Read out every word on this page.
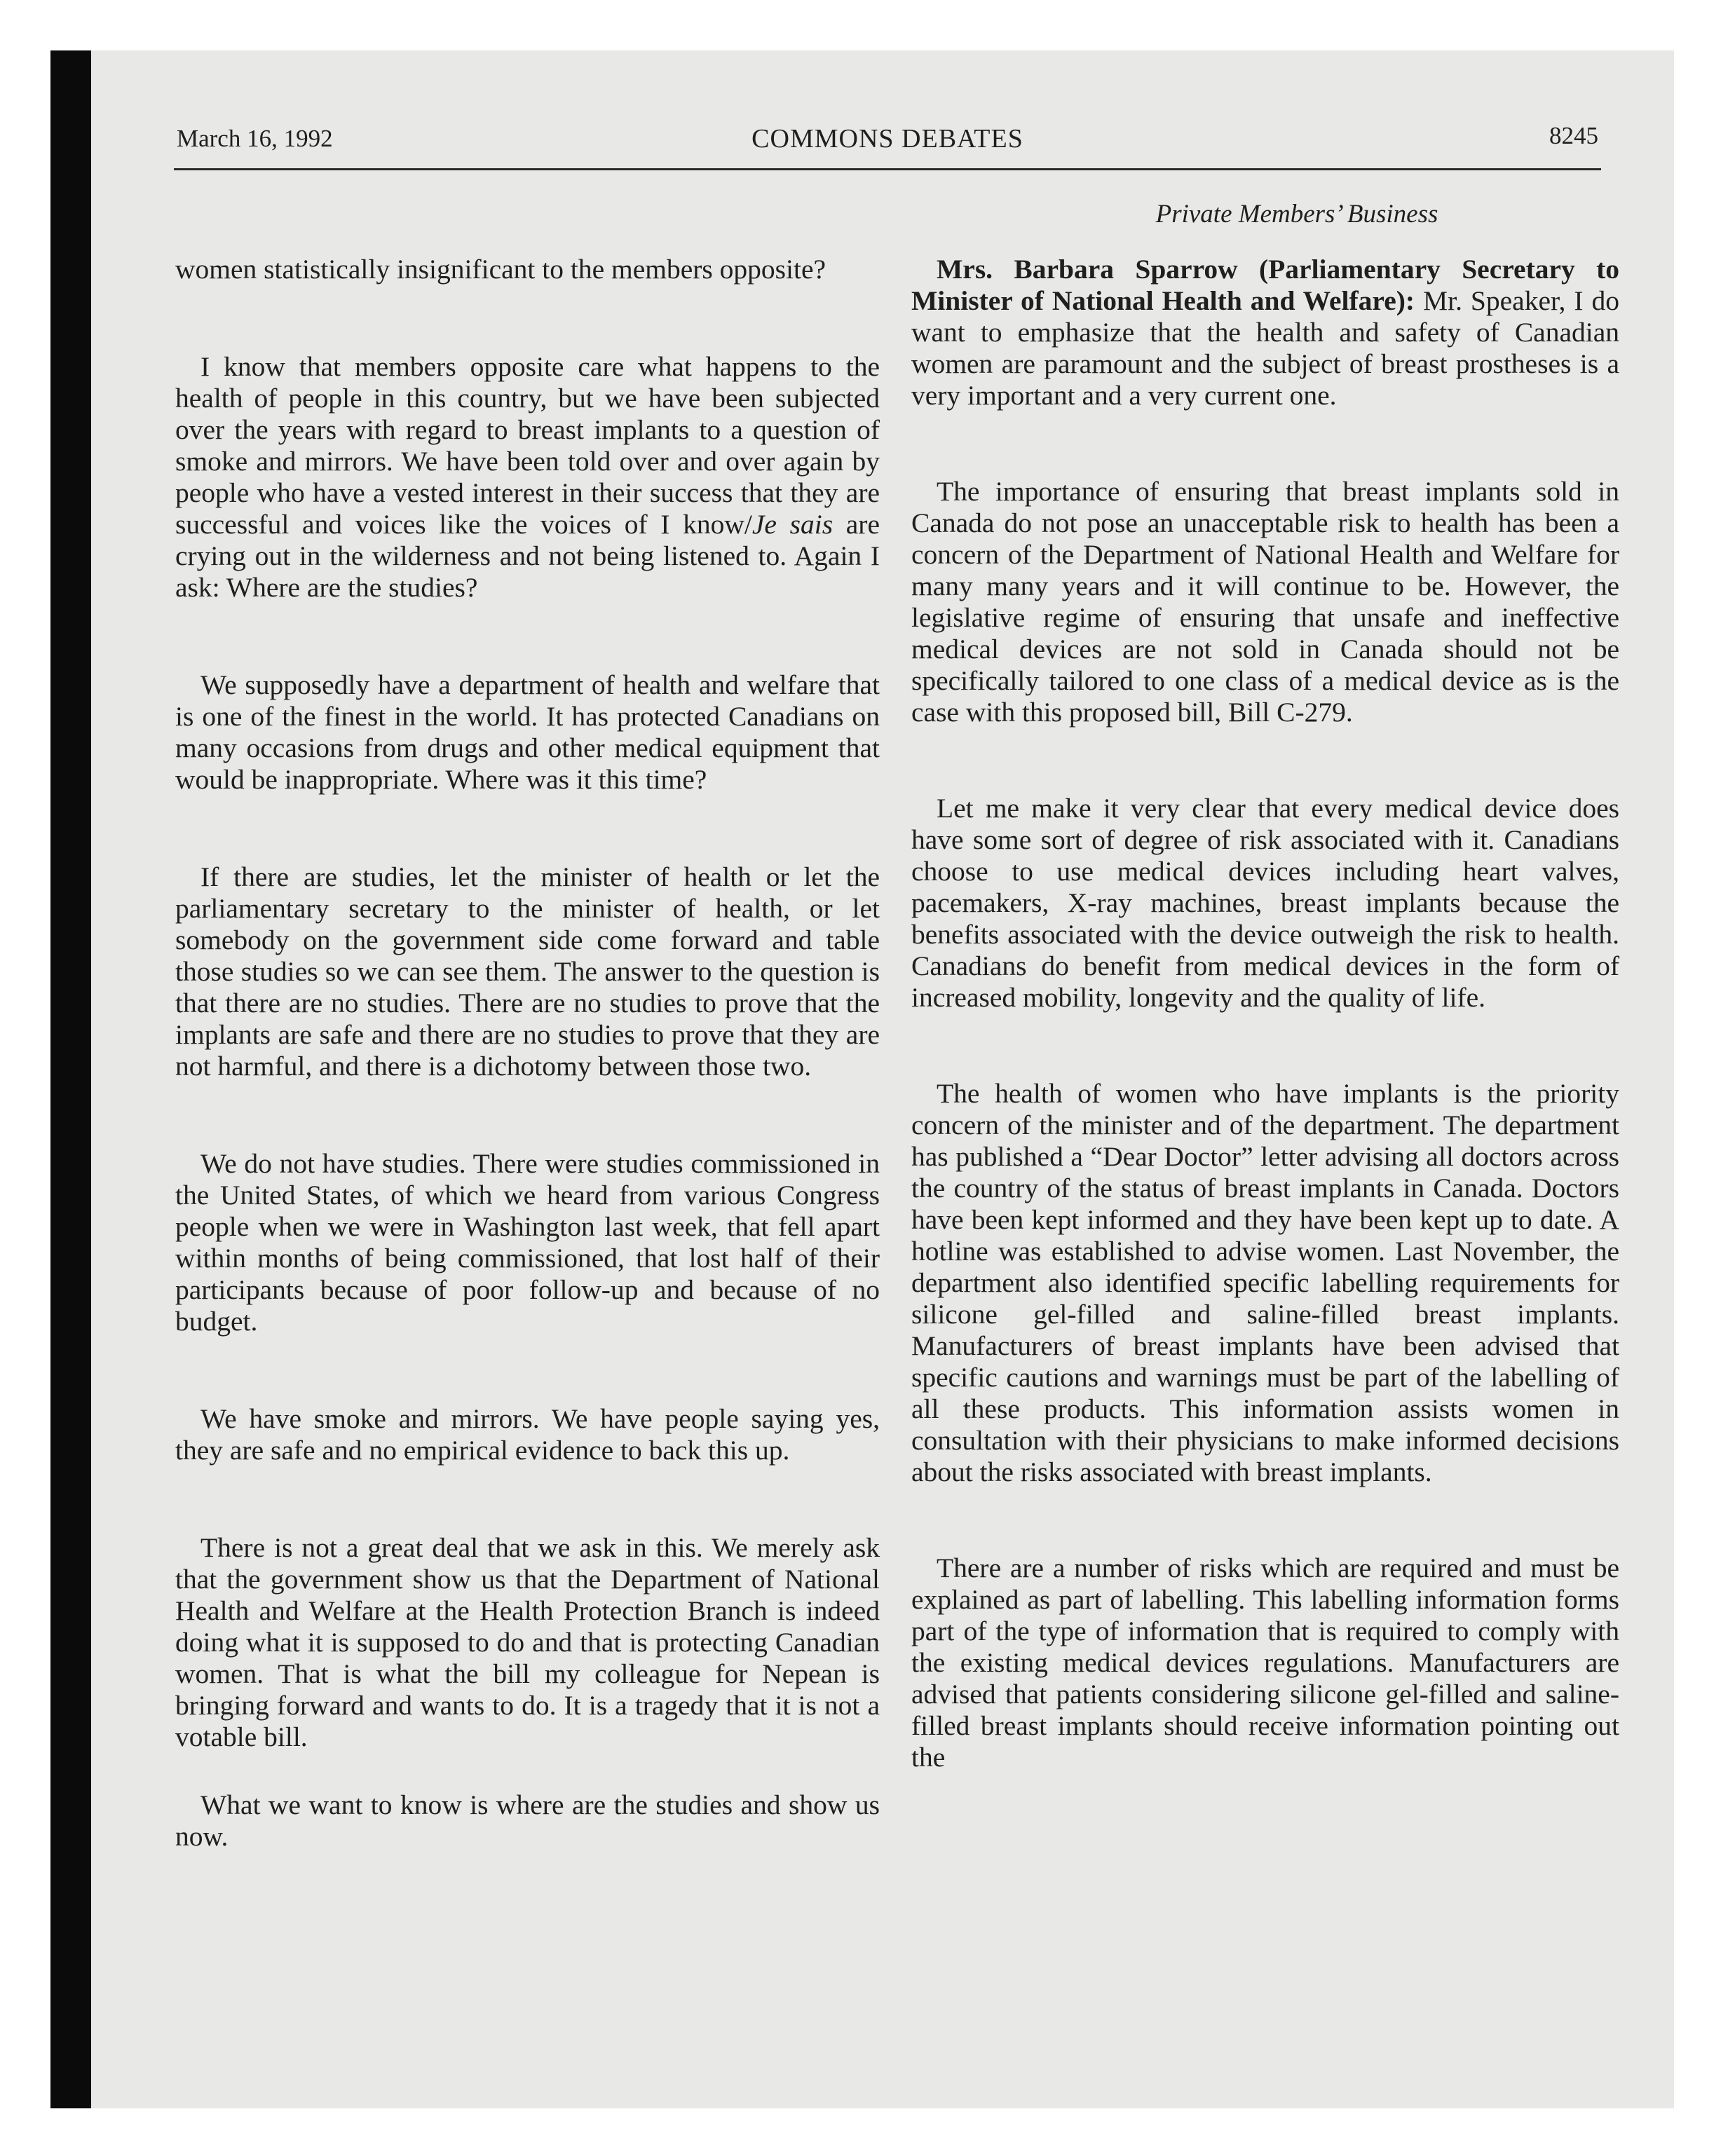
March 16, 1992	COMMONS DEBATES	8245
Private Members’ Business

women statistically insignificant to the members opposite?

I know that members opposite care what happens to the health of people in this country, but we have been subjected over the years with regard to breast implants to a question of smoke and mirrors. We have been told over and over again by people who have a vested interest in their success that they are successful and voices like the voices of I know/Je sais are crying out in the wilderness and not being listened to. Again I ask: Where are the studies?

We supposedly have a department of health and welfare that is one of the finest in the world. It has protected Canadians on many occasions from drugs and other medical equipment that would be inappropriate. Where was it this time?

If there are studies, let the minister of health or let the parliamentary secretary to the minister of health, or let somebody on the government side come forward and table those studies so we can see them. The answer to the question is that there are no studies. There are no studies to prove that the implants are safe and there are no studies to prove that they are not harmful, and there is a dichotomy between those two.

We do not have studies. There were studies commissioned in the United States, of which we heard from various Congress people when we were in Washington last week, that fell apart within months of being commissioned, that lost half of their participants because of poor follow-up and because of no budget.

We have smoke and mirrors. We have people saying yes, they are safe and no empirical evidence to back this up.

There is not a great deal that we ask in this. We merely ask that the government show us that the Department of National Health and Welfare at the Health Protection Branch is indeed doing what it is supposed to do and that is protecting Canadian women. That is what the bill my colleague for Nepean is bringing forward and wants to do. It is a tragedy that it is not a votable bill.

What we want to know is where are the studies and show us now.

Mrs. Barbara Sparrow (Parliamentary Secretary to Minister of National Health and Welfare): Mr. Speaker, I do want to emphasize that the health and safety of Canadian women are paramount and the subject of breast prostheses is a very important and a very current one.

The importance of ensuring that breast implants sold in Canada do not pose an unacceptable risk to health has been a concern of the Department of National Health and Welfare for many many years and it will continue to be. However, the legislative regime of ensuring that unsafe and ineffective medical devices are not sold in Canada should not be specifically tailored to one class of a medical device as is the case with this proposed bill, Bill C-279.

Let me make it very clear that every medical device does have some sort of degree of risk associated with it. Canadians choose to use medical devices including heart valves, pacemakers, X-ray machines, breast implants because the benefits associated with the device outweigh the risk to health. Canadians do benefit from medical devices in the form of increased mobility, longevity and the quality of life.

The health of women who have implants is the priority concern of the minister and of the department. The department has published a “Dear Doctor” letter advising all doctors across the country of the status of breast implants in Canada. Doctors have been kept informed and they have been kept up to date. A hotline was established to advise women. Last November, the department also identified specific labelling requirements for silicone gel-filled and saline-filled breast implants. Manufacturers of breast implants have been advised that specific cautions and warnings must be part of the labelling of all these products. This information assists women in consultation with their physicians to make informed decisions about the risks associated with breast implants.

There are a number of risks which are required and must be explained as part of labelling. This labelling information forms part of the type of information that is required to comply with the existing medical devices regulations. Manufacturers are advised that patients considering silicone gel-filled and saline-filled breast implants should receive information pointing out the
